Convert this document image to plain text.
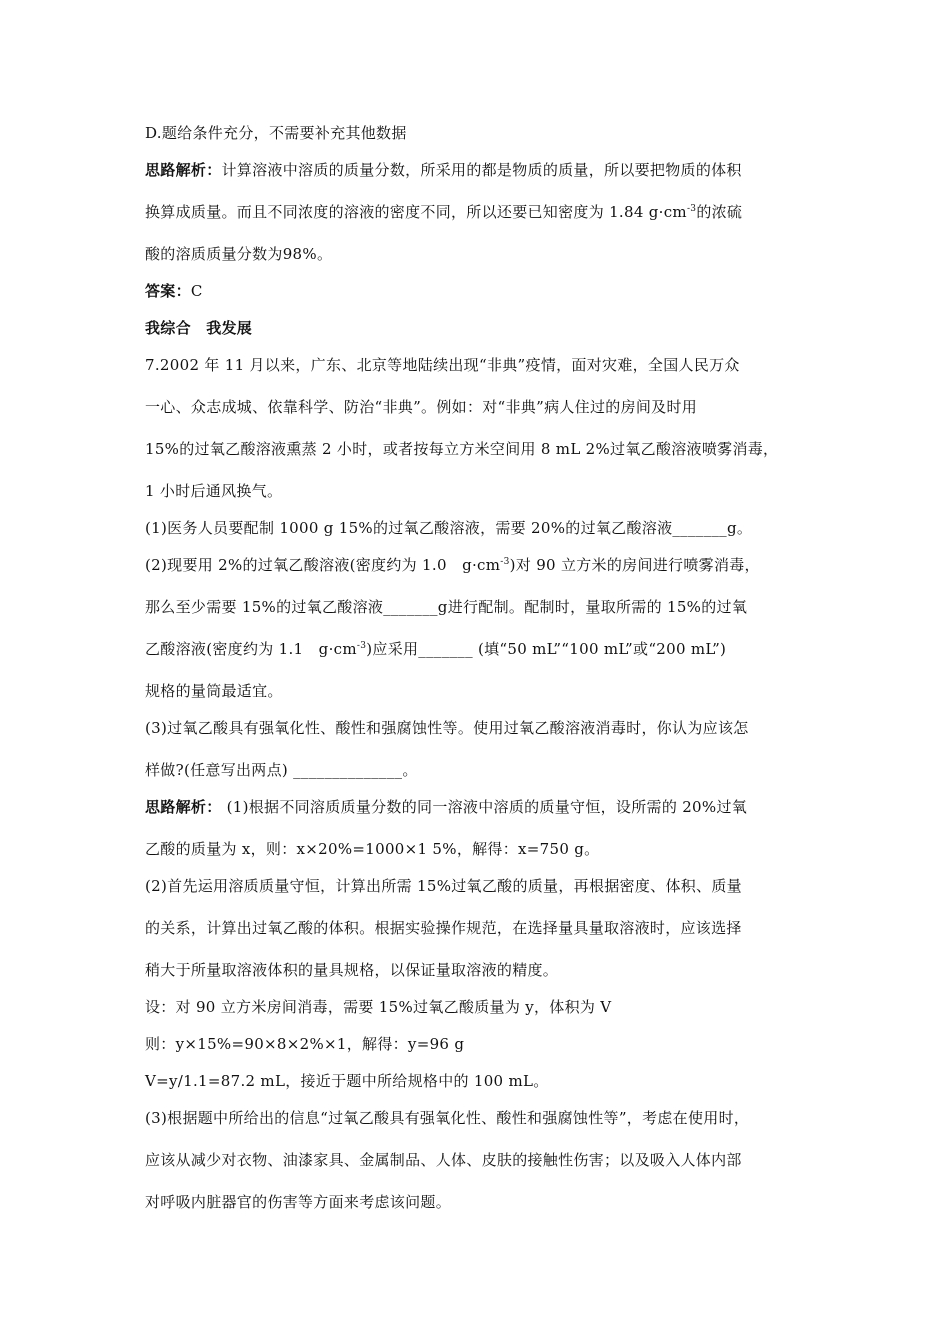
D.题给条件充分，不需要补充其他数据
思路解析：计算溶液中溶质的质量分数，所采用的都是物质的质量，所以要把物质的体积
换算成质量。而且不同浓度的溶液的密度不同，所以还要已知密度为 1.84 $g\cdot cm^{-3}$的浓硫
酸的溶质质量分数为98%。
答案：C
我综合　我发展
7.2002 年 11 月以来，广东、北京等地陆续出现“非典”疫情，面对灾难，全国人民万众
一心、众志成城、依靠科学、防治“非典”。例如：对“非典”病人住过的房间及时用
15%的过氧乙酸溶液熏蒸 2 小时，或者按每立方米空间用 8 mL 2%过氧乙酸溶液喷雾消毒，
1 小时后通风换气。
(1)医务人员要配制 1000 g 15%的过氧乙酸溶液，需要 20%的过氧乙酸溶液_______g。
(2)现要用 2%的过氧乙酸溶液(密度约为 1.0　$g\cdot cm^{-3}$)对 90 立方米的房间进行喷雾消毒，
那么至少需要 15%的过氧乙酸溶液_______g进行配制。配制时，量取所需的 15%的过氧
乙酸溶液(密度约为 1.1　$g\cdot cm^{-3}$)应采用_______ (填“50 mL”“100 mL”或“200 mL”)
规格的量筒最适宜。
(3)过氧乙酸具有强氧化性、酸性和强腐蚀性等。使用过氧乙酸溶液消毒时，你认为应该怎
样做?(任意写出两点) ______________。
思路解析： (1)根据不同溶质质量分数的同一溶液中溶质的质量守恒，设所需的 20%过氧
乙酸的质量为 x，则：x×20%=1000×1 5%，解得：x=750 g。
(2)首先运用溶质质量守恒，计算出所需 15%过氧乙酸的质量，再根据密度、体积、质量
的关系，计算出过氧乙酸的体积。根据实验操作规范，在选择量具量取溶液时，应该选择
稍大于所量取溶液体积的量具规格，以保证量取溶液的精度。
设：对 90 立方米房间消毒，需要 15%过氧乙酸质量为 y，体积为 V
则：y×15%=90×8×2%×1，解得：y=96 g
V=y/1.1=87.2 mL，接近于题中所给规格中的 100 mL。
(3)根据题中所给出的信息“过氧乙酸具有强氧化性、酸性和强腐蚀性等”，考虑在使用时，
应该从减少对衣物、油漆家具、金属制品、人体、皮肤的接触性伤害；以及吸入人体内部
对呼吸内脏器官的伤害等方面来考虑该问题。
